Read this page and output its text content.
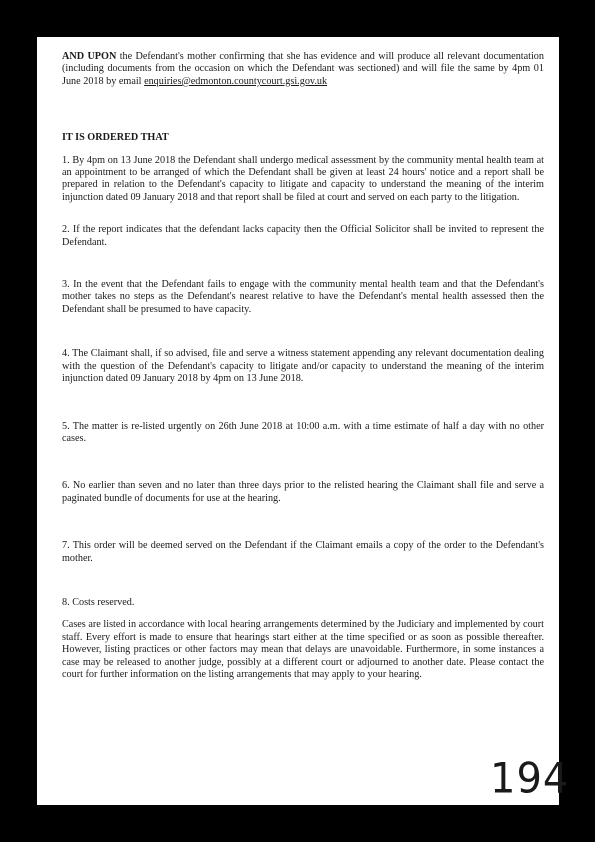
AND UPON the Defendant's mother confirming that she has evidence and will produce all relevant documentation (including documents from the occasion on which the Defendant was sectioned) and will file the same by 4pm 01 June 2018 by email enquiries@edmonton.countycourt.gsi.gov.uk

IT IS ORDERED THAT

1. By 4pm on 13 June 2018 the Defendant shall undergo medical assessment by the community mental health team at an appointment to be arranged of which the Defendant shall be given at least 24 hours' notice and a report shall be prepared in relation to the Defendant's capacity to litigate and capacity to understand the meaning of the interim injunction dated 09 January 2018 and that report shall be filed at court and served on each party to the litigation.

2. If the report indicates that the defendant lacks capacity then the Official Solicitor shall be invited to represent the Defendant.

3. In the event that the Defendant fails to engage with the community mental health team and that the Defendant's mother takes no steps as the Defendant's nearest relative to have the Defendant's mental health assessed then the Defendant shall be presumed to have capacity.

4. The Claimant shall, if so advised, file and serve a witness statement appending any relevant documentation dealing with the question of the Defendant's capacity to litigate and/or capacity to understand the meaning of the interim injunction dated 09 January 2018 by 4pm on 13 June 2018.

5. The matter is re-listed urgently on 26th June 2018 at 10:00 a.m. with a time estimate of half a day with no other cases.

6. No earlier than seven and no later than three days prior to the relisted hearing the Claimant shall file and serve a paginated bundle of documents for use at the hearing.

7. This order will be deemed served on the Defendant if the Claimant emails a copy of the order to the Defendant's mother.

8. Costs reserved.

Cases are listed in accordance with local hearing arrangements determined by the Judiciary and implemented by court staff. Every effort is made to ensure that hearings start either at the time specified or as soon as possible thereafter. However, listing practices or other factors may mean that delays are unavoidable. Furthermore, in some instances a case may be released to another judge, possibly at a different court or adjourned to another date. Please contact the court for further information on the listing arrangements that may apply to your hearing.

194
